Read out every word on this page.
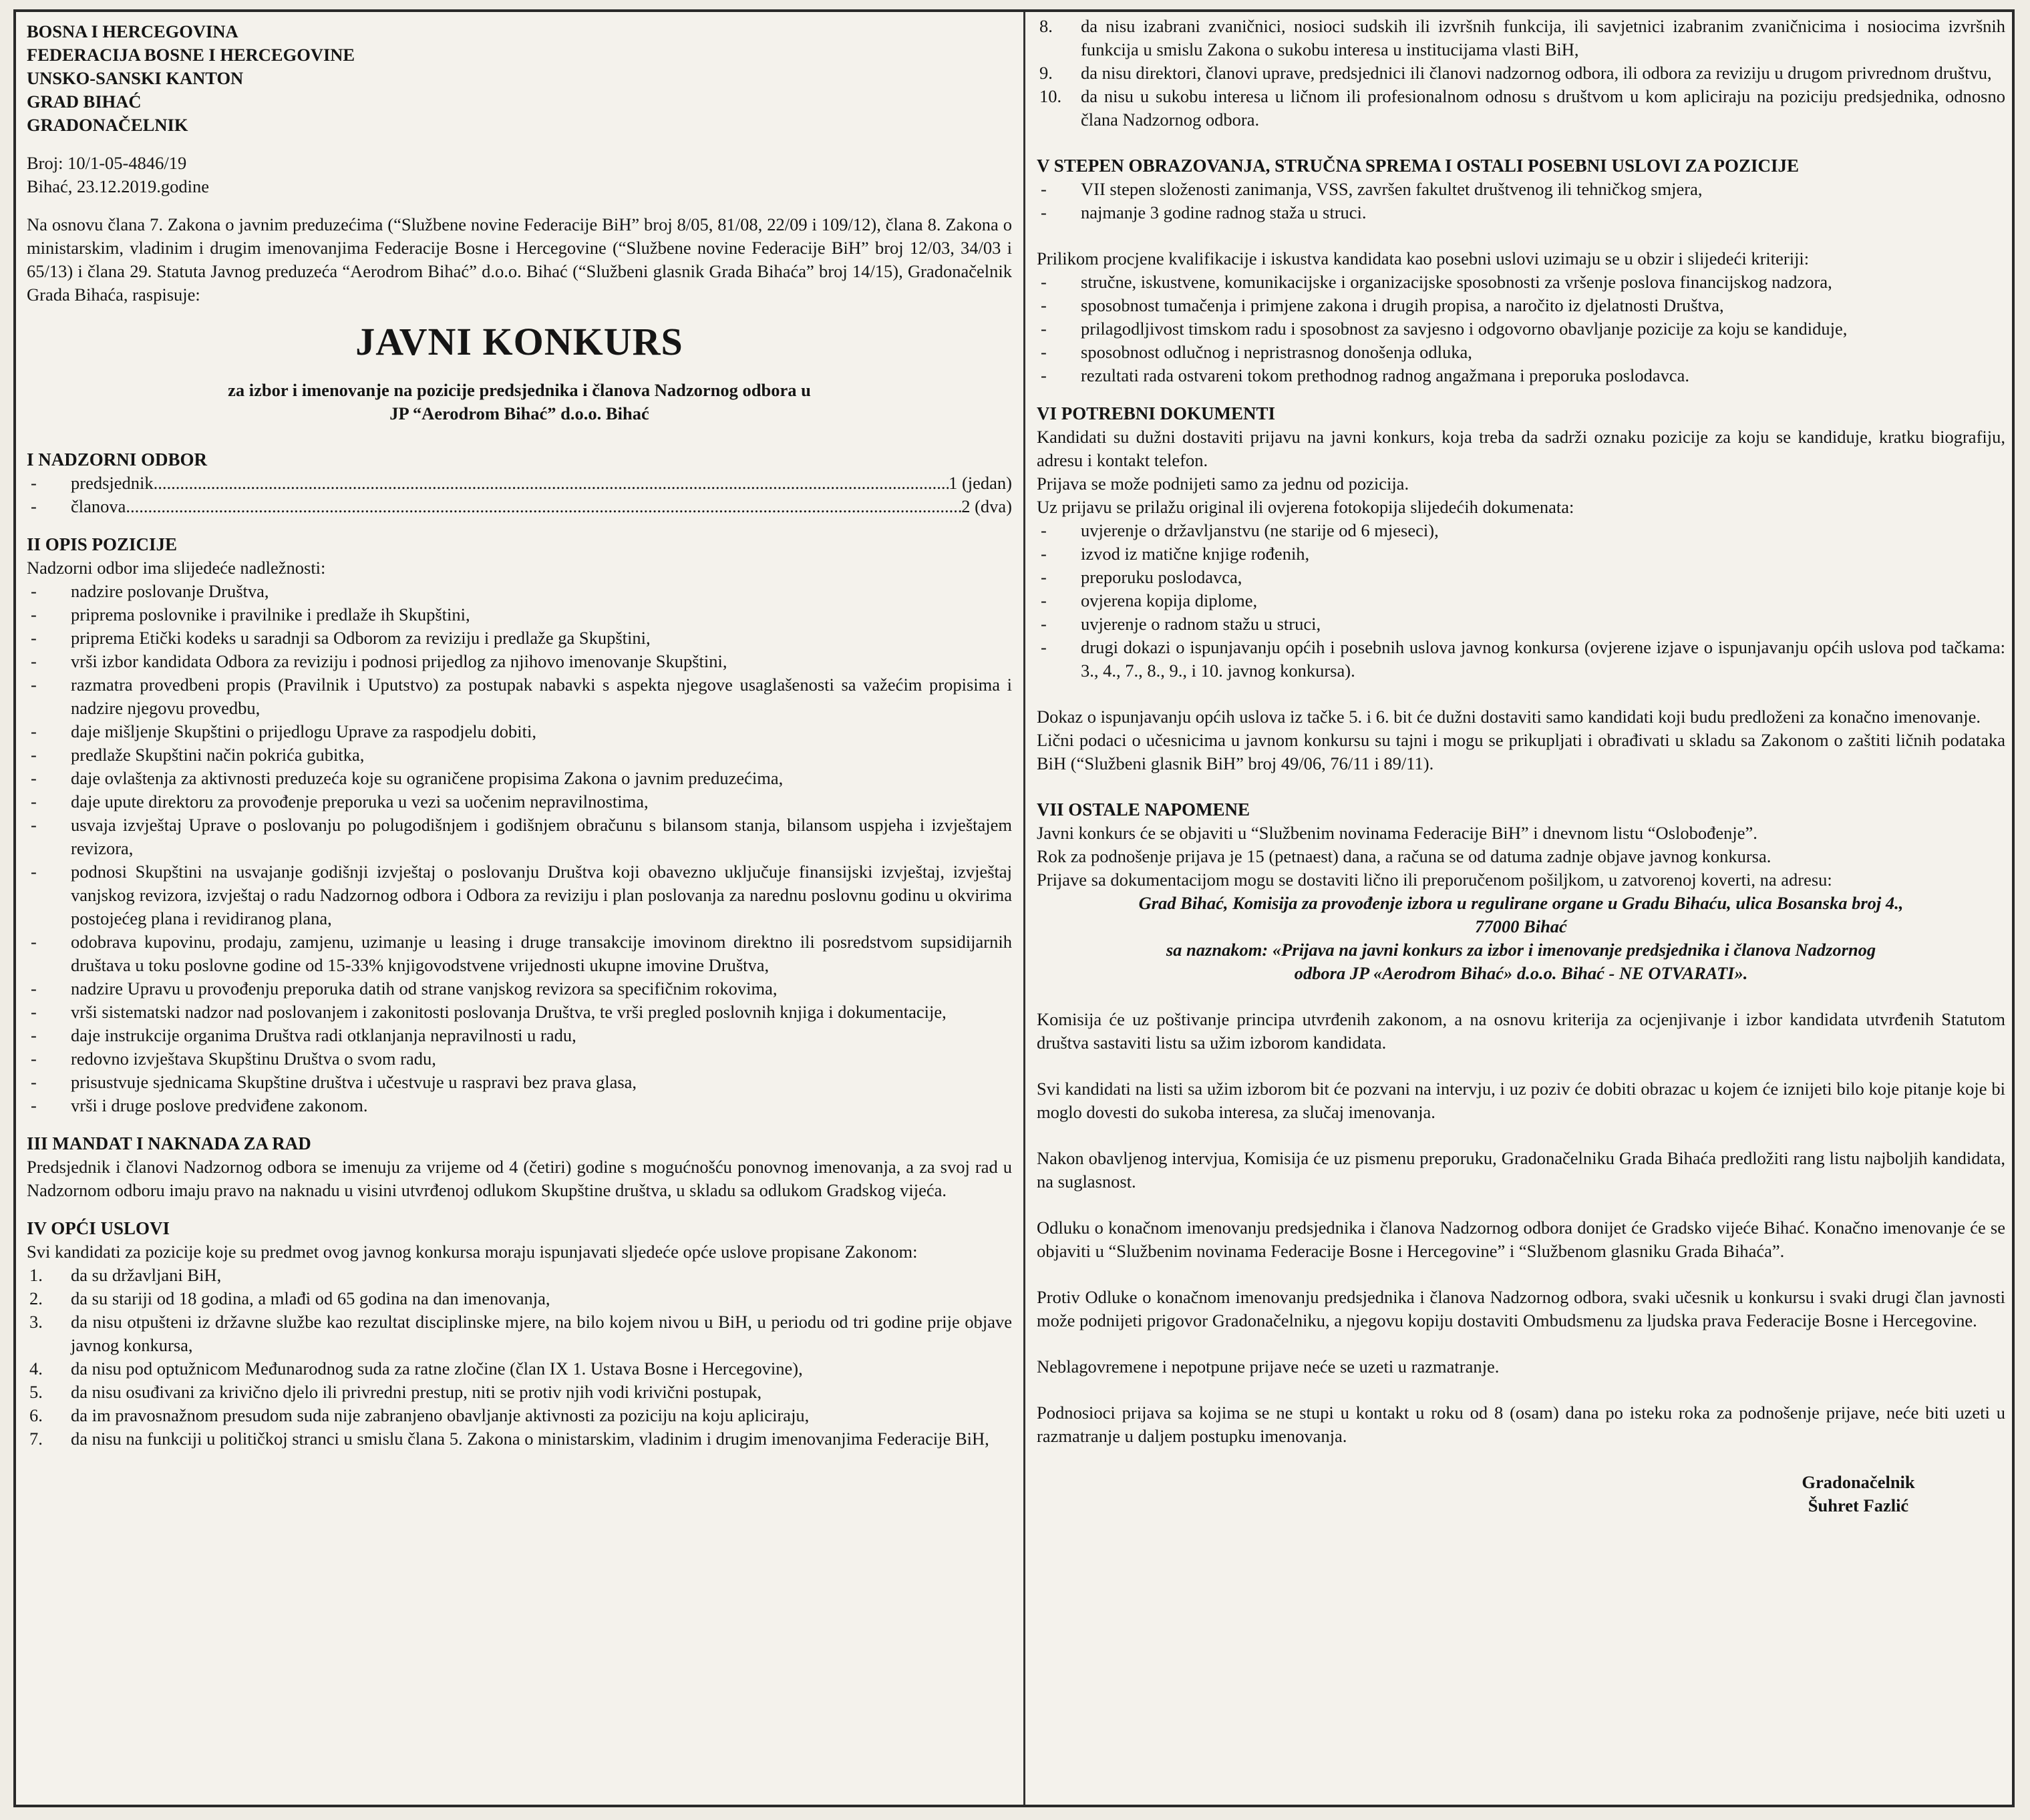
BOSNA I HERCEGOVINA
FEDERACIJA BOSNE I HERCEGOVINE
UNSKO-SANSKI KANTON
GRAD BIHAĆ
GRADONAČELNIK
Broj: 10/1-05-4846/19
Bihać, 23.12.2019.godine

Na osnovu člana 7. Zakona o javnim preduzećima (“Službene novine Federacije BiH” broj 8/05, 81/08, 22/09 i 109/12), člana 8. Zakona o ministarskim, vladinim i drugim imenovanjima Federacije Bosne i Hercegovine (“Službene novine Federacije BiH” broj 12/03, 34/03 i 65/13) i člana 29. Statuta Javnog preduzeća “Aerodrom Bihać” d.o.o. Bihać (“Službeni glasnik Grada Bihaća” broj 14/15), Gradonačelnik Grada Bihaća, raspisuje:

JAVNI KONKURS
za izbor i imenovanje na pozicije predsjednika i članova Nadzornog odbora u
JP “Aerodrom Bihać” d.o.o. Bihać
I NADZORNI ODBOR
- predsjednik .....	1 (jedan)
- članova .....	2 (dva)
II OPIS POZICIJE
Nadzorni odbor ima slijedeće nadležnosti:
- nadzire poslovanje Društva,
- priprema poslovnike i pravilnike i predlaže ih Skupštini,
- priprema Etički kodeks u saradnji sa Odborom za reviziju i predlaže ga Skupštini,
- vrši izbor kandidata Odbora za reviziju i podnosi prijedlog za njihovo imenovanje Skupštini,
- razmatra provedbeni propis (Pravilnik i Uputstvo) za postupak nabavki s aspekta njegove usaglašenosti sa važećim propisima i nadzire njegovu provedbu,
- daje mišljenje Skupštini o prijedlogu Uprave za raspodjelu dobiti,
- predlaže Skupštini način pokrića gubitka,
- daje ovlaštenja za aktivnosti preduzeća koje su ograničene propisima Zakona o javnim preduzećima,
- daje upute direktoru za provođenje preporuka u vezi sa uočenim nepravilnostima,
- usvaja izvještaj Uprave o poslovanju po polugodišnjem i godišnjem obračunu s bilansom stanja, bilansom uspjeha i izvještajem revizora,
- podnosi Skupštini na usvajanje godišnji izvještaj o poslovanju Društva koji obavezno uključuje finansijski izvještaj, izvještaj vanjskog revizora, izvještaj o radu Nadzornog odbora i Odbora za reviziju i plan poslovanja za narednu poslovnu godinu u okvirima postojećeg plana i revidiranog plana,
- odobrava kupovinu, prodaju, zamjenu, uzimanje u leasing i druge transakcije imovinom direktno ili posredstvom supsidijarnih društava u toku poslovne godine od 15-33% knjigovodstvene vrijednosti ukupne imovine Društva,
- nadzire Upravu u provođenju preporuka datih od strane vanjskog revizora sa specifičnim rokovima,
- vrši sistematski nadzor nad poslovanjem i zakonitosti poslovanja Društva, te vrši pregled poslovnih knjiga i dokumentacije,
- daje instrukcije organima Društva radi otklanjanja nepravilnosti u radu,
- redovno izvještava Skupštinu Društva o svom radu,
- prisustvuje sjednicama Skupštine društva i učestvuje u raspravi bez prava glasa,
- vrši i druge poslove predviđene zakonom.
III MANDAT I NAKNADA ZA RAD

Predsjednik i članovi Nadzornog odbora se imenuju za vrijeme od 4 (četiri) godine s mogućnošću ponovnog imenovanja, a za svoj rad u Nadzornom odboru imaju pravo na naknadu u visini utvrđenoj odlukom Skupštine društva, u skladu sa odlukom Gradskog vijeća.

IV OPĆI USLOVI

Svi kandidati za pozicije koje su predmet ovog javnog konkursa moraju ispunjavati sljedeće opće uslove propisane Zakonom:

1. da su državljani BiH,
2. da su stariji od 18 godina, a mlađi od 65 godina na dan imenovanja,
3. da nisu otpušteni iz državne službe kao rezultat disciplinske mjere, na bilo kojem nivou u BiH, u periodu od tri godine prije objave javnog konkursa,
4. da nisu pod optužnicom Međunarodnog suda za ratne zločine (član IX 1. Ustava Bosne i Hercegovine),
5. da nisu osuđivani za krivično djelo ili privredni prestup, niti se protiv njih vodi krivični postupak,
6. da im pravosnažnom presudom suda nije zabranjeno obavljanje aktivnosti za poziciju na koju apliciraju,
7. da nisu na funkciji u političkoj stranci u smislu člana 5. Zakona o ministarskim, vladinim i drugim imenovanjima Federacije BiH,
8. da nisu izabrani zvaničnici, nosioci sudskih ili izvršnih funkcija, ili savjetnici izabranim zvaničnicima i nosiocima izvršnih funkcija u smislu Zakona o sukobu interesa u institucijama vlasti BiH,
9. da nisu direktori, članovi uprave, predsjednici ili članovi nadzornog odbora, ili odbora za reviziju u drugom privrednom društvu,
10. da nisu u sukobu interesa u ličnom ili profesionalnom odnosu s društvom u kom apliciraju na poziciju predsjednika, odnosno člana Nadzornog odbora.
V STEPEN OBRAZOVANJA, STRUČNA SPREMA I OSTALI POSEBNI USLOVI ZA POZICIJE
- VII stepen složenosti zanimanja, VSS, završen fakultet društvenog ili tehničkog smjera,
- najmanje 3 godine radnog staža u struci.

Prilikom procjene kvalifikacije i iskustva kandidata kao posebni uslovi uzimaju se u obzir i slijedeći kriteriji:

- stručne, iskustvene, komunikacijske i organizacijske sposobnosti za vršenje poslova financijskog nadzora,
- sposobnost tumačenja i primjene zakona i drugih propisa, a naročito iz djelatnosti Društva,
- prilagodljivost timskom radu i sposobnost za savjesno i odgovorno obavljanje pozicije za koju se kandiduje,
- sposobnost odlučnog i nepristrasnog donošenja odluka,
- rezultati rada ostvareni tokom prethodnog radnog angažmana i preporuka poslodavca.
VI POTREBNI DOKUMENTI

Kandidati su dužni dostaviti prijavu na javni konkurs, koja treba da sadrži oznaku pozicije za koju se kandiduje, kratku biografiju, adresu i kontakt telefon.

Prijava se može podnijeti samo za jednu od pozicija.

Uz prijavu se prilažu original ili ovjerena fotokopija slijedećih dokumenata:

- uvjerenje o državljanstvu (ne starije od 6 mjeseci),
- izvod iz matične knjige rođenih,
- preporuku poslodavca,
- ovjerena kopija diplome,
- uvjerenje o radnom stažu u struci,
- drugi dokazi o ispunjavanju općih i posebnih uslova javnog konkursa (ovjerene izjave o ispunjavanju općih uslova pod tačkama: 3., 4., 7., 8., 9., i 10. javnog konkursa).

Dokaz o ispunjavanju općih uslova iz tačke 5. i 6. bit će dužni dostaviti samo kandidati koji budu predloženi za konačno imenovanje.

Lični podaci o učesnicima u javnom konkursu su tajni i mogu se prikupljati i obrađivati u skladu sa Zakonom o zaštiti ličnih podataka BiH (“Službeni glasnik BiH” broj 49/06, 76/11 i 89/11).

VII OSTALE NAPOMENE

Javni konkurs će se objaviti u “Službenim novinama Federacije BiH” i dnevnom listu “Oslobođenje”.

Rok za podnošenje prijava je 15 (petnaest) dana, a računa se od datuma zadnje objave javnog konkursa.

Prijave sa dokumentacijom mogu se dostaviti lično ili preporučenom pošiljkom, u zatvorenoj koverti, na adresu:

Grad Bihać, Komisija za provođenje izbora u regulirane organe u Gradu Bihaću, ulica Bosanska broj 4.,
77000 Bihać
sa naznakom: «Prijava na javni konkurs za izbor i imenovanje predsjednika i članova Nadzornog
odbora JP «Aerodrom Bihać» d.o.o. Bihać - NE OTVARATI».

Komisija će uz poštivanje principa utvrđenih zakonom, a na osnovu kriterija za ocjenjivanje i izbor kandidata utvrđenih Statutom društva sastaviti listu sa užim izborom kandidata.

Svi kandidati na listi sa užim izborom bit će pozvani na intervju, i uz poziv će dobiti obrazac u kojem će iznijeti bilo koje pitanje koje bi moglo dovesti do sukoba interesa, za slučaj imenovanja.

Nakon obavljenog intervjua, Komisija će uz pismenu preporuku, Gradonačelniku Grada Bihaća predložiti rang listu najboljih kandidata, na suglasnost.

Odluku o konačnom imenovanju predsjednika i članova Nadzornog odbora donijet će Gradsko vijeće Bihać. Konačno imenovanje će se objaviti u “Službenim novinama Federacije Bosne i Hercegovine” i “Službenom glasniku Grada Bihaća”.

Protiv Odluke o konačnom imenovanju predsjednika i članova Nadzornog odbora, svaki učesnik u konkursu i svaki drugi član javnosti može podnijeti prigovor Gradonačelniku, a njegovu kopiju dostaviti Ombudsmenu za ljudska prava Federacije Bosne i Hercegovine.

Neblagovremene i nepotpune prijave neće se uzeti u razmatranje.

Podnosioci prijava sa kojima se ne stupi u kontakt u roku od 8 (osam) dana po isteku roka za podnošenje prijave, neće biti uzeti u razmatranje u daljem postupku imenovanja.

Gradonačelnik
Šuhret Fazlić
